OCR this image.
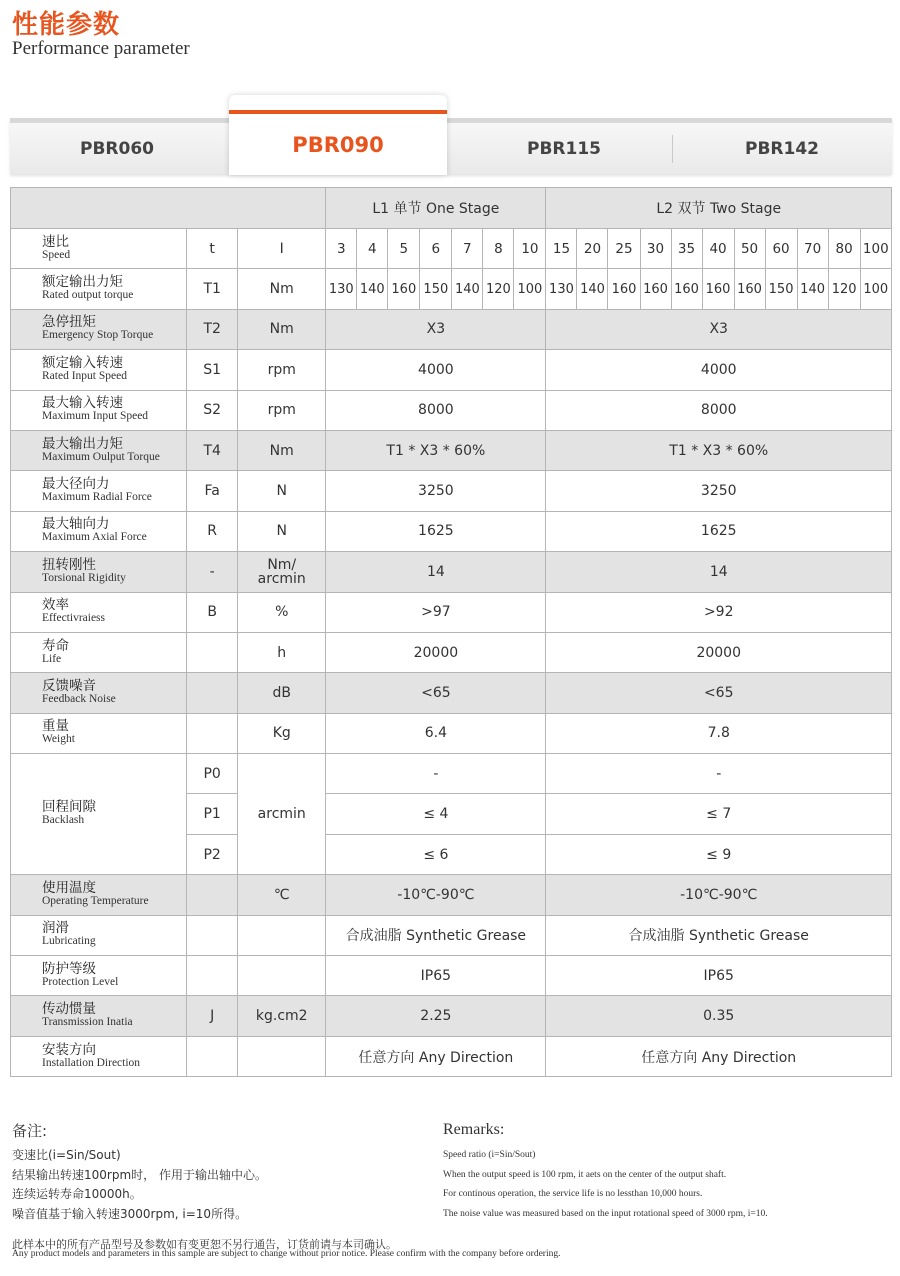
性能参数
Performance parameter
PBR060	PBR115	PBR142
PBR090
			L1 单节 One Stage							L2 双节 Two Stage										

速比
Speed	t	I	3	4	5	6	7	8	10	15	20	25	30	35	40	50	60	70	80	100

额定输出力矩
Rated output torque	T1	Nm	130	140	160	150	140	120	100	130	140	160	160	160	160	160	150	140	120	100

急停扭矩
Emergency Stop Torque	T2	Nm	X3							X3										

额定输入转速
Rated Input Speed	S1	rpm	4000							4000										

最大输入转速
Maximum Input Speed	S2	rpm	8000							8000										

最大输出力矩
Maximum Oulput Torque	T4	Nm	T1 * X3 * 60%							T1 * X3 * 60%										

最大径向力
Maximum Radial Force	Fa	N	3250							3250										

最大轴向力
Maximum Axial Force	R	N	1625							1625										

扭转刚性
Torsional Rigidity	-	Nm/ arcmin	14							14										

效率
Effectivraiess	B	%	>97							>92										

寿命
Life		h	20000							20000										

反馈噪音
Feedback Noise		dB	<65							<65										

重量
Weight		Kg	6.4							7.8										

回程间隙
Backlash	P0	arcmin	-							-										
	P1		≤ 4							≤ 7										
	P2		≤ 6							≤ 9										

使用温度
Operating Temperature		℃	-10℃-90℃							-10℃-90℃										

润滑
Lubricating			合成油脂 Synthetic Grease							合成油脂 Synthetic Grease										

防护等级
Protection Level			IP65							IP65										

传动惯量
Transmission Inatia	J	kg.cm2	2.25							0.35										

安装方向
Installation Direction			任意方向 Any Direction							任意方向 Any Direction										
备注:
变速比(i=Sin/Sout)
结果输出转速100rpm时， 作用于输出轴中心。
连续运转寿命10000h。
噪音值基于输入转速3000rpm, i=10所得。
Remarks:
Speed ratio (i=Sin/Sout)
When the output speed is 100 rpm, it aets on the center of the output shaft.
For continous operation, the service life is no lessthan 10,000 hours.
The noise value was measured based on the input rotational speed of 3000 rpm, i=10.
此样本中的所有产品型号及参数如有变更恕不另行通告，订货前请与本司确认。
Any product models and parameters in this sample are subject to change without prior notice. Please confirm with the company before ordering.
